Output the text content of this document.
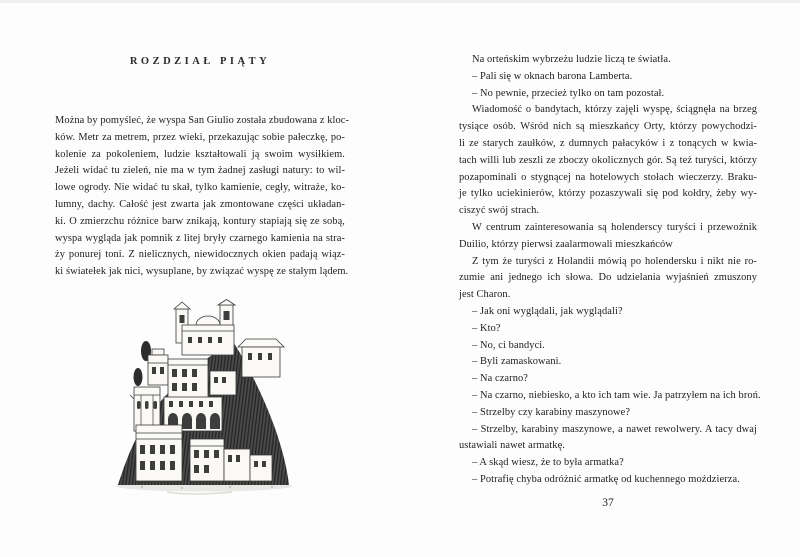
ROZDZIAŁ PIĄTY
Można by pomyśleć, że wyspa San Giulio została zbudowana z kloc-
ków. Metr za metrem, przez wieki, przekazując sobie pałeczkę, po-
kolenie za pokoleniem, ludzie kształtowali ją swoim wysiłkiem.
Jeżeli widać tu zieleń, nie ma w tym żadnej zasługi natury: to wil-
lowe ogrody. Nie widać tu skał, tylko kamienie, cegły, witraże, ko-
lumny, dachy. Całość jest zwarta jak zmontowane części układan-
ki. O zmierzchu różnice barw znikają, kontury stapiają się ze sobą,
wyspa wygląda jak pomnik z litej bryły czarnego kamienia na stra-
ży ponurej toni. Z nielicznych, niewidocznych okien padają wiąz-
ki światełek jak nici, wysuplane, by związać wyspę ze stałym lądem.
Na orteńskim wybrzeżu ludzie liczą te światła.
– Pali się w oknach barona Lamberta.
– No pewnie, przecież tylko on tam pozostał.
Wiadomość o bandytach, którzy zajęli wyspę, ściągnęła na brzeg
tysiące osób. Wśród nich są mieszkańcy Orty, którzy powychodzi-
li ze starych zaułków, z dumnych pałacyków i z tonących w kwia-
tach willi lub zeszli ze zboczy okolicznych gór. Są też turyści, którzy
pozapominali o stygnącej na hotelowych stołach wieczerzy. Braku-
je tylko uciekinierów, którzy pozaszywali się pod kołdry, żeby wy-
ciszyć swój strach.
W centrum zainteresowania są holenderscy turyści i przewoźnik
Duilio, którzy pierwsi zaalarmowali mieszkańców
Z tym że turyści z Holandii mówią po holendersku i nikt nie ro-
zumie ani jednego ich słowa. Do udzielania wyjaśnień zmuszony
jest Charon.
– Jak oni wyglądali, jak wyglądali?
– Kto?
– No, ci bandyci.
– Byli zamaskowani.
– Na czarno?
– Na czarno, niebiesko, a kto ich tam wie. Ja patrzyłem na ich broń.
– Strzelby czy karabiny maszynowe?
– Strzelby, karabiny maszynowe, a nawet rewolwery. A tacy dwaj
ustawiali nawet armatkę.
– A skąd wiesz, że to była armatka?
– Potrafię chyba odróżnić armatkę od kuchennego moździerza.
37
